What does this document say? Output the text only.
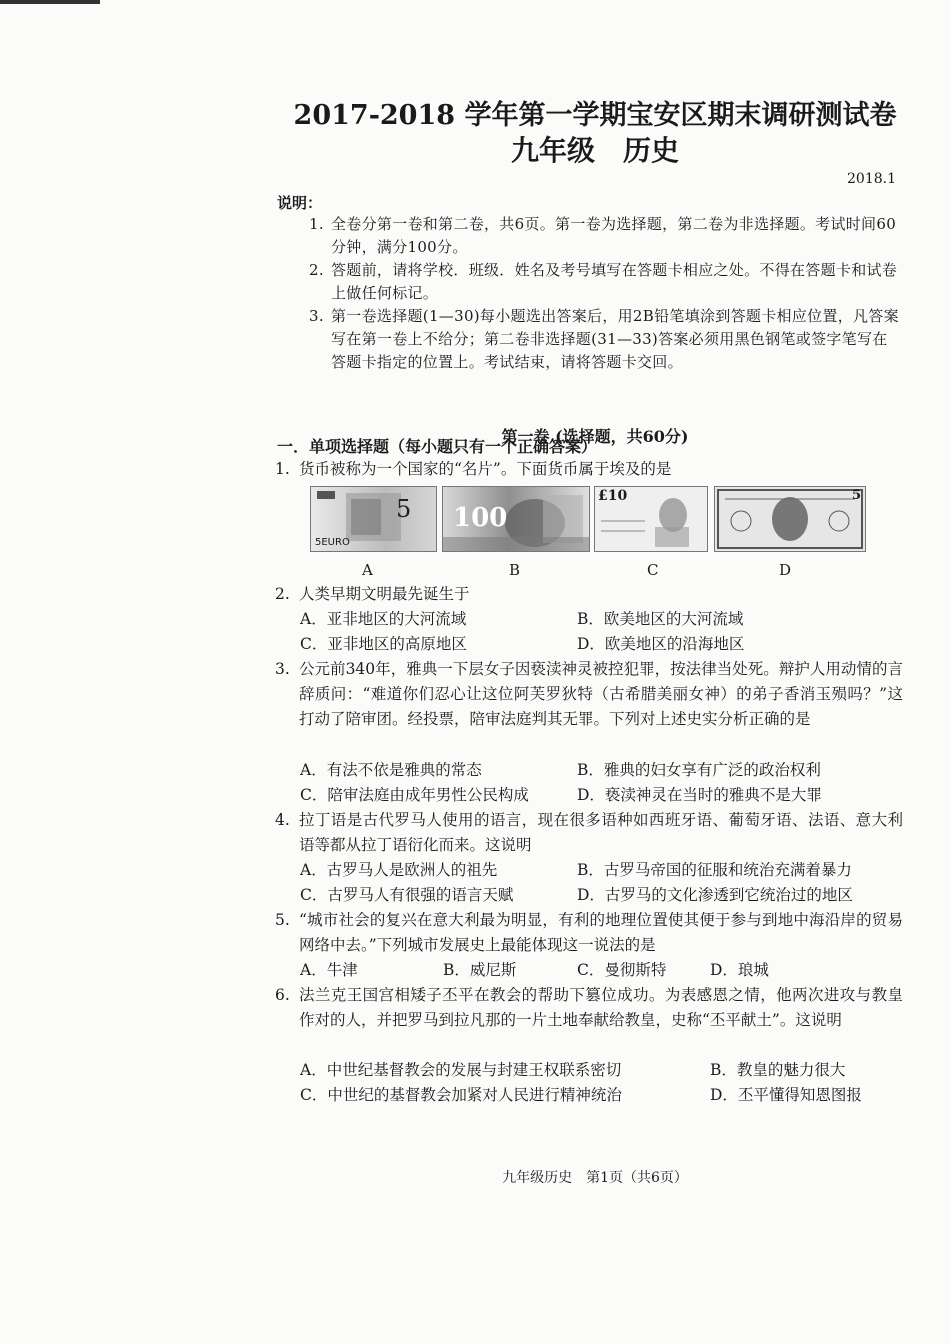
2017-2018 学年第一学期宝安区期末调研测试卷
九年级 历史
2018.1
说明：
1. 全卷分第一卷和第二卷，共6页。第一卷为选择题，第二卷为非选择题。考试时间60分钟，满分100分。
2. 答题前，请将学校．班级．姓名及考号填写在答题卡相应之处。不得在答题卡和试卷上做任何标记。
3. 第一卷选择题(1—30)每小题选出答案后，用2B铅笔填涂到答题卡相应位置，凡答案写在第一卷上不给分；第二卷非选择题(31—33)答案必须用黑色钢笔或签字笔写在答题卡指定的位置上。考试结束，请将答题卡交回。
第一卷 (选择题，共60分)
一．单项选择题（每小题只有一个正确答案）
1. 货币被称为一个国家的“名片”。下面货币属于埃及的是
5
5EURO
100
£10	5
A	B	C	D
2. 人类早期文明最先诞生于
A．亚非地区的大河流域	B．欧美地区的大河流域
C．亚非地区的高原地区	D．欧美地区的沿海地区
3. 公元前340年，雅典一下层女子因亵渎神灵被控犯罪，按法律当处死。辩护人用动情的言辞质问：“难道你们忍心让这位阿芙罗狄特（古希腊美丽女神）的弟子香消玉殒吗？”这打动了陪审团。经投票，陪审法庭判其无罪。下列对上述史实分析正确的是
A．有法不依是雅典的常态	B．雅典的妇女享有广泛的政治权利
C．陪审法庭由成年男性公民构成	D．亵渎神灵在当时的雅典不是大罪
4. 拉丁语是古代罗马人使用的语言，现在很多语种如西班牙语、葡萄牙语、法语、意大利语等都从拉丁语衍化而来。这说明
A．古罗马人是欧洲人的祖先	B．古罗马帝国的征服和统治充满着暴力
C．古罗马人有很强的语言天赋	D．古罗马的文化渗透到它统治过的地区
5. “城市社会的复兴在意大利最为明显，有利的地理位置使其便于参与到地中海沿岸的贸易网络中去。”下列城市发展史上最能体现这一说法的是
A．牛津	B．威尼斯	C．曼彻斯特	D．琅城
6. 法兰克王国宫相矮子丕平在教会的帮助下篡位成功。为表感恩之情，他两次进攻与教皇作对的人，并把罗马到拉凡那的一片土地奉献给教皇，史称“丕平献土”。这说明
A．中世纪基督教会的发展与封建王权联系密切	B．教皇的魅力很大
C．中世纪的基督教会加紧对人民进行精神统治	D．丕平懂得知恩图报
九年级历史　第1页（共6页）
